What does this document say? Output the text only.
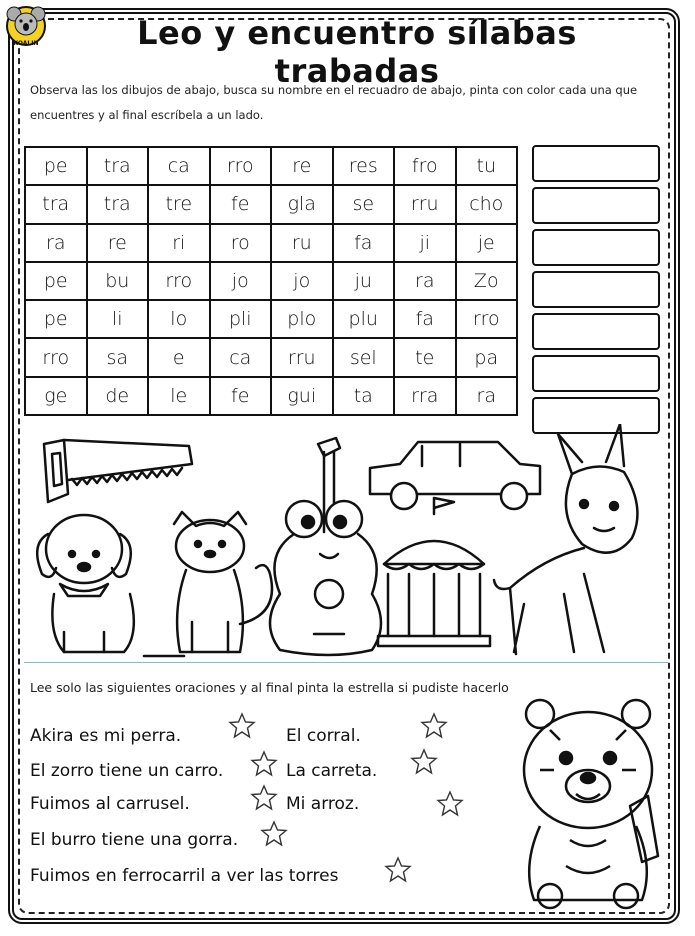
KOALIN	Leo y encuentro sílabas trabadas
Observa las los dibujos de abajo, busca su nombre en el recuadro de abajo, pinta con color cada una que encuentres y al final escríbela a un lado.
pe	tra	ca	rro	re	res	fro	tu
tra	tra	tre	fe	gla	se	rru	cho
ra	re	ri	ro	ru	fa	ji	je
pe	bu	rro	jo	jo	ju	ra	Zo
pe	li	lo	pli	plo	plu	fa	rro
rro	sa	e	ca	rru	sel	te	pa
ge	de	le	fe	gui	ta	rra	ra
Lee solo las siguientes oraciones y al final pinta la estrella si pudiste hacerlo
Akira es mi perra.
El zorro tiene un carro.
Fuimos al carrusel.
El burro tiene una gorra.
Fuimos en ferrocarril a ver las torres
El corral.
La carreta.
Mi arroz.
